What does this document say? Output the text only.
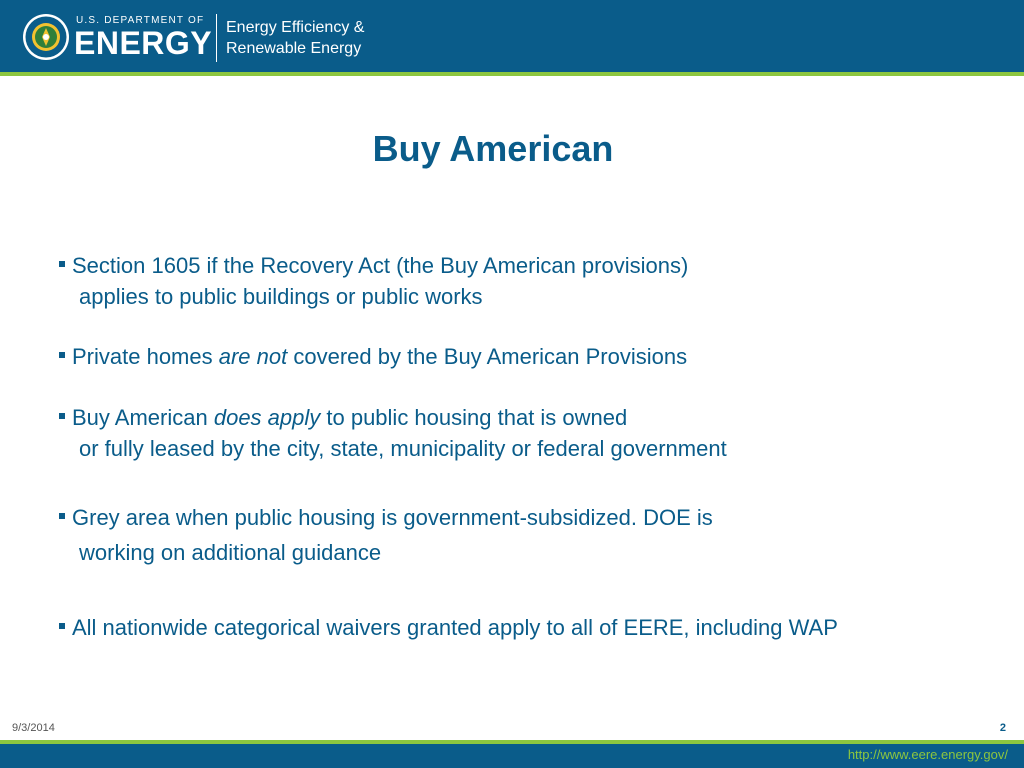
U.S. DEPARTMENT OF
ENERGY Energy Efficiency &
Renewable Energy
Buy American
Section 1605 if the Recovery Act (the Buy American provisions)
applies to public buildings or public works
Private homes are not covered by the Buy American Provisions
Buy American does apply to public housing that is owned
or fully leased by the city, state, municipality or federal government
Grey area when public housing is government-subsidized. DOE is
working on additional guidance
All nationwide categorical waivers granted apply to all of EERE, including WAP
9/3/2014	2
http://www.eere.energy.gov/
